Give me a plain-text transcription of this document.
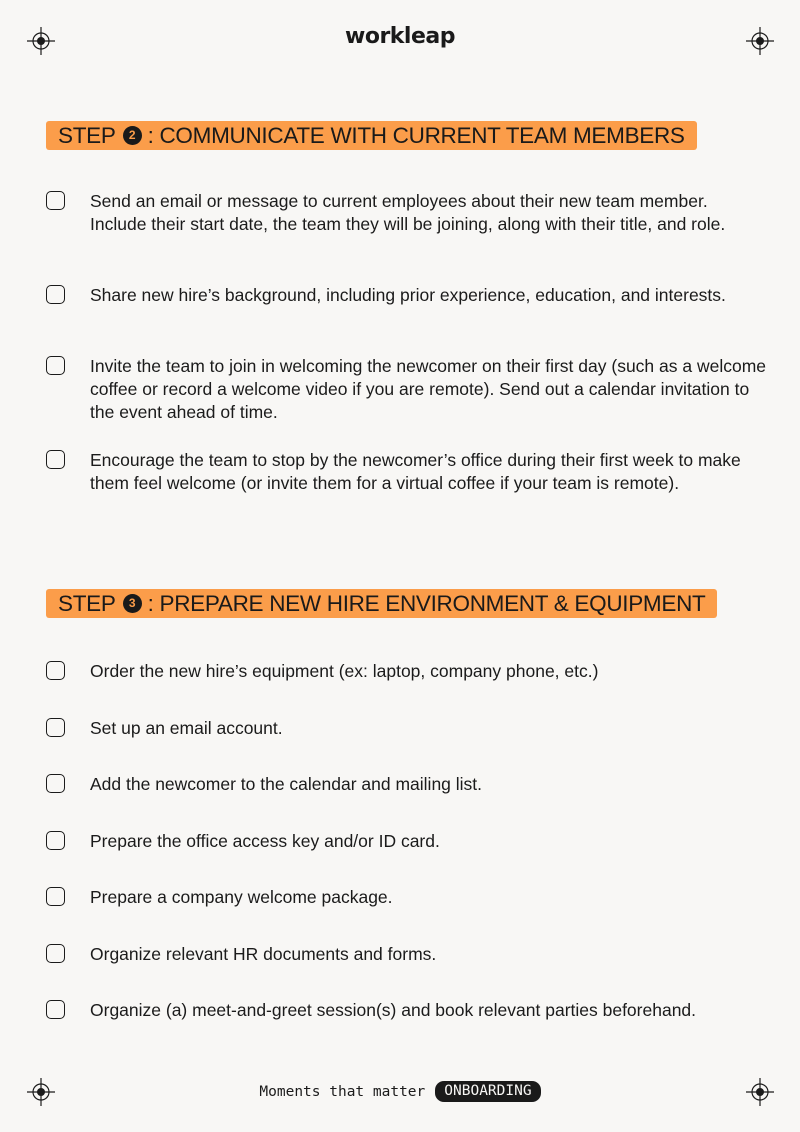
workleap
STEP	2 : COMMUNICATE WITH CURRENT TEAM MEMBERS
Send an email or message to current employees about their new team member. Include their start date, the team they will be joining, along with their title, and role.
Share new hire’s background, including prior experience, education, and interests.
Invite the team to join in welcoming the newcomer on their first day (such as a welcome coffee or record a welcome video if you are remote). Send out a calendar invitation to the event ahead of time.
Encourage the team to stop by the newcomer’s office during their first week to make them feel welcome (or invite them for a virtual coffee if your team is remote).
STEP	3 : PREPARE NEW HIRE ENVIRONMENT & EQUIPMENT
Order the new hire’s equipment (ex: laptop, company phone, etc.)
Set up an email account.
Add the newcomer to the calendar and mailing list.
Prepare the office access key and/or ID card.
Prepare a company welcome package.
Organize relevant HR documents and forms.
Organize (a) meet-and-greet session(s) and book relevant parties beforehand.
Moments that matter	ONBOARDING
